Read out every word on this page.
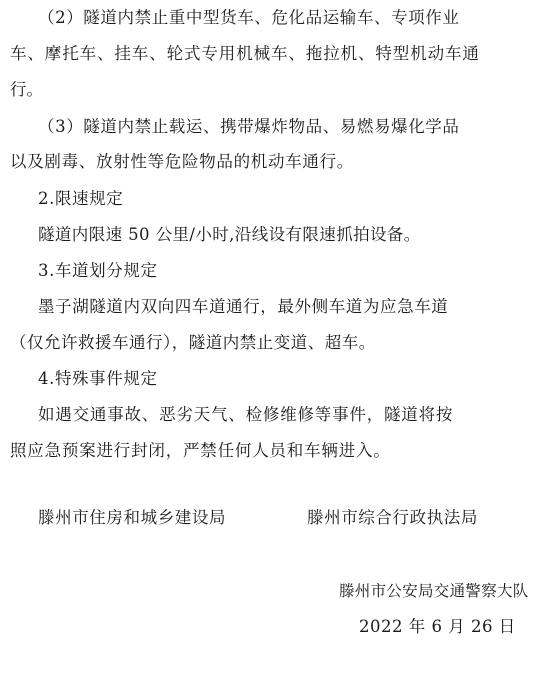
（2）隧道内禁止重中型货车、危化品运输车、专项作业
车、摩托车、挂车、轮式专用机械车、拖拉机、特型机动车通
行。
（3）隧道内禁止载运、携带爆炸物品、易燃易爆化学品
以及剧毒、放射性等危险物品的机动车通行。
2.限速规定
隧道内限速 50 公里/小时,沿线设有限速抓拍设备。
3.车道划分规定
墨子湖隧道内双向四车道通行，最外侧车道为应急车道
（仅允许救援车通行），隧道内禁止变道、超车。
4.特殊事件规定
如遇交通事故、恶劣天气、检修维修等事件，隧道将按
照应急预案进行封闭，严禁任何人员和车辆进入。
滕州市住房和城乡建设局	滕州市综合行政执法局
滕州市公安局交通警察大队
2022 年 6 月 26 日
